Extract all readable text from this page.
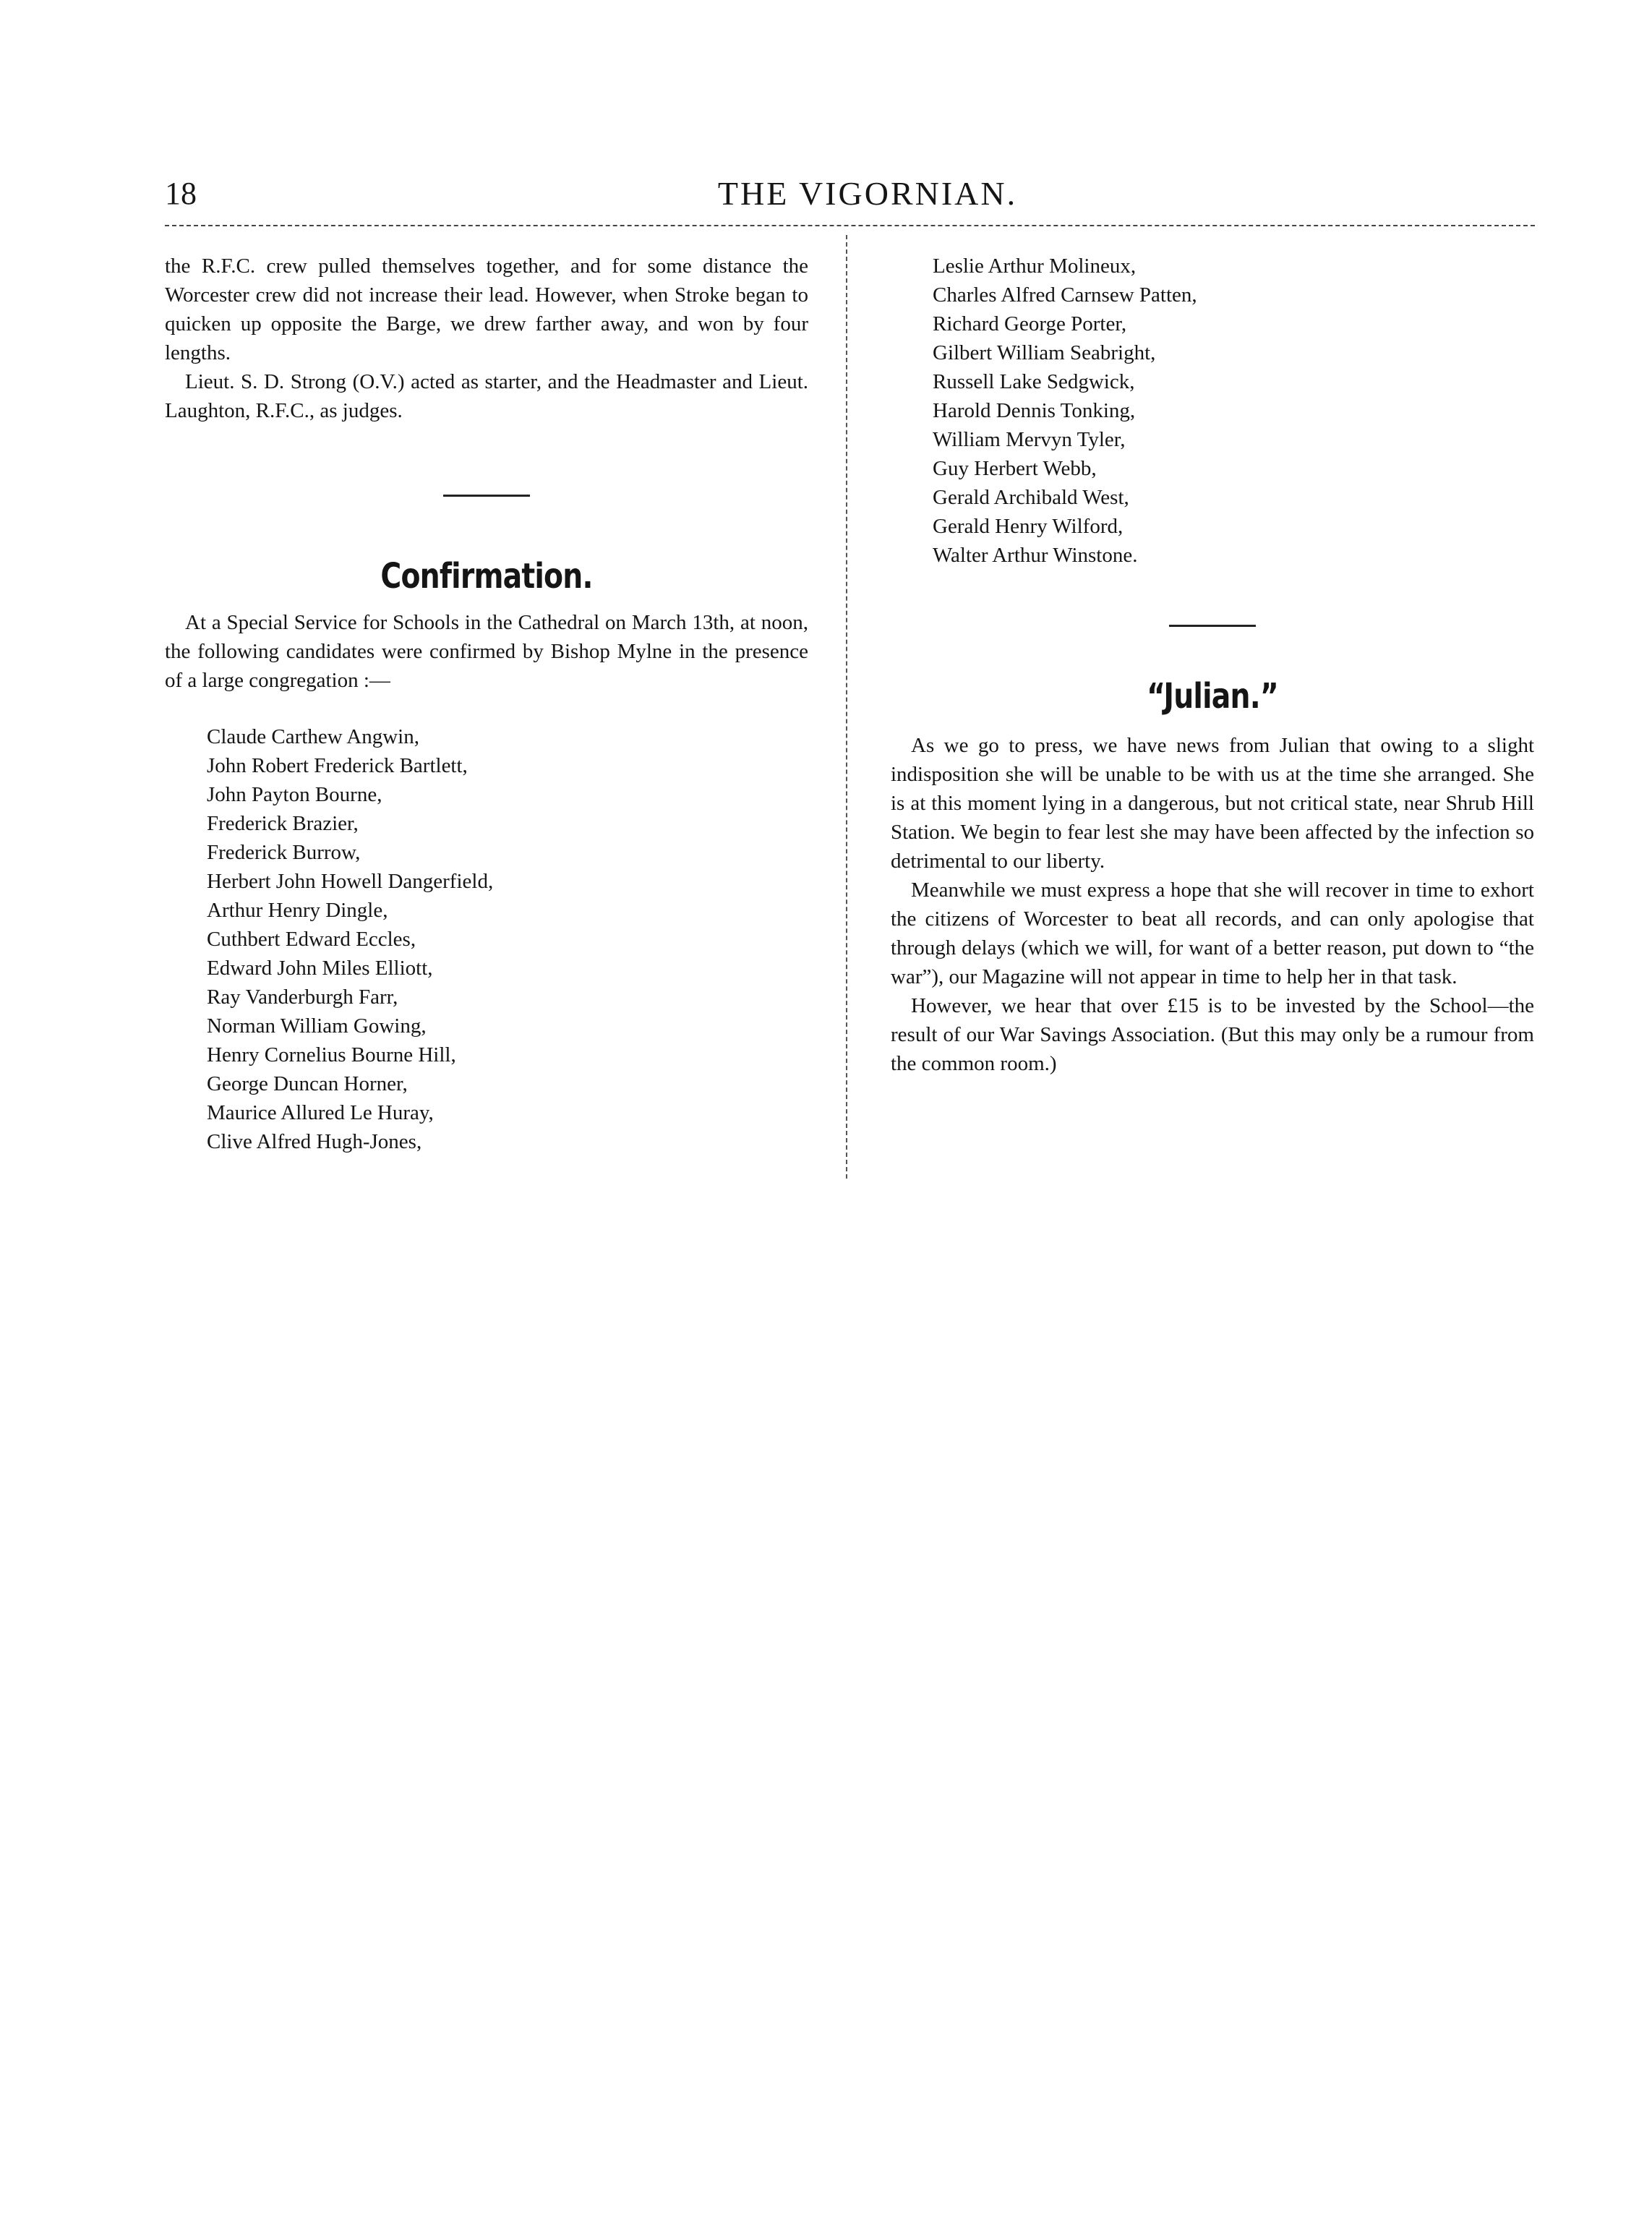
18	THE VIGORNIAN.

the R.F.C. crew pulled themselves together, and for some distance the Worcester crew did not increase their lead. However, when Stroke began to quicken up opposite the Barge, we drew farther away, and won by four lengths.

Lieut. S. D. Strong (O.V.) acted as starter, and the Headmaster and Lieut. Laughton, R.F.C., as judges.

Confirmation.

At a Special Service for Schools in the Cathedral on March 13th, at noon, the following candidates were confirmed by Bishop Mylne in the presence of a large congregation :—

Claude Carthew Angwin,
John Robert Frederick Bartlett,
John Payton Bourne,
Frederick Brazier,
Frederick Burrow,
Herbert John Howell Dangerfield,
Arthur Henry Dingle,
Cuthbert Edward Eccles,
Edward John Miles Elliott,
Ray Vanderburgh Farr,
Norman William Gowing,
Henry Cornelius Bourne Hill,
George Duncan Horner,
Maurice Allured Le Huray,
Clive Alfred Hugh-Jones,
Leslie Arthur Molineux,
Charles Alfred Carnsew Patten,
Richard George Porter,
Gilbert William Seabright,
Russell Lake Sedgwick,
Harold Dennis Tonking,
William Mervyn Tyler,
Guy Herbert Webb,
Gerald Archibald West,
Gerald Henry Wilford,
Walter Arthur Winstone.
“Julian.”

As we go to press, we have news from Julian that owing to a slight indisposition she will be unable to be with us at the time she arranged. She is at this moment lying in a dangerous, but not critical state, near Shrub Hill Station. We begin to fear lest she may have been affected by the infection so detrimental to our liberty.

Meanwhile we must express a hope that she will recover in time to exhort the citizens of Worcester to beat all records, and can only apologise that through delays (which we will, for want of a better reason, put down to “the war”), our Magazine will not appear in time to help her in that task.

However, we hear that over £15 is to be invested by the School—the result of our War Savings Association. (But this may only be a rumour from the common room.)
